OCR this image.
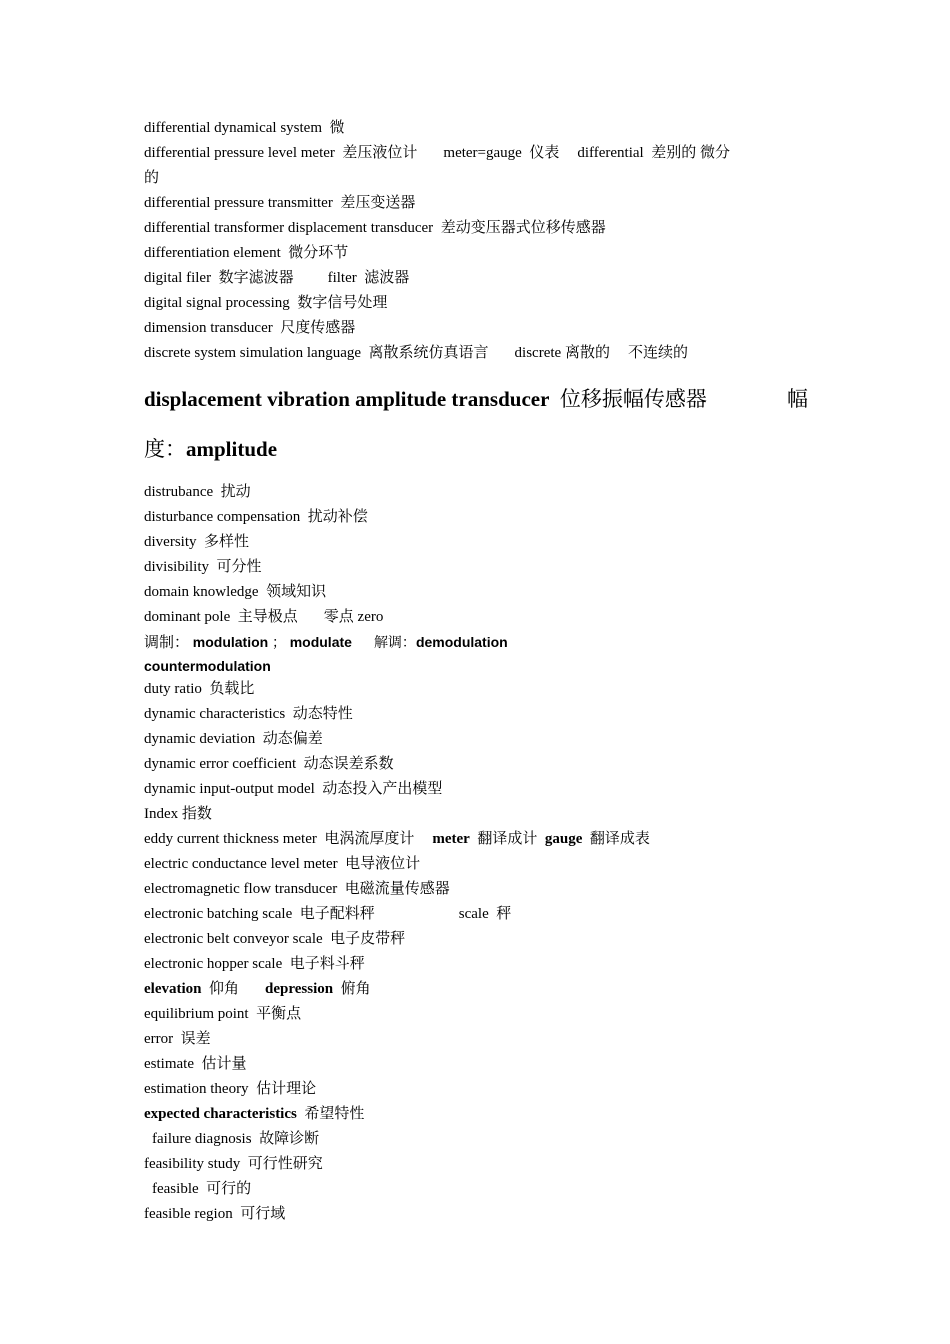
differential dynamical system 微
differential pressure level meter 差压液位计 meter=gauge 仪表 differential 差别的 微分
的
differential pressure transmitter 差压变送器
differential transformer displacement transducer 差动变压器式位移传感器
differentiation element 微分环节
digital filer 数字滤波器 filter 滤波器
digital signal processing 数字信号处理
dimension transducer 尺度传感器
discrete system simulation language 离散系统仿真语言 discrete 离散的 不连续的
displacement vibration amplitude transducer 位移振幅传感器	幅
度：amplitude
distrubance 扰动
disturbance compensation 扰动补偿
diversity 多样性
divisibility 可分性
domain knowledge 领域知识
dominant pole 主导极点 零点 zero
调制： modulation ； modulate 解调：demodulation
countermodulation
duty ratio 负载比
dynamic characteristics 动态特性
dynamic deviation 动态偏差
dynamic error coefficient 动态误差系数
dynamic input-output model 动态投入产出模型
Index 指数
eddy current thickness meter 电涡流厚度计 meter 翻译成计 gauge 翻译成表
electric conductance level meter 电导液位计
electromagnetic flow transducer 电磁流量传感器
electronic batching scale 电子配料秤	scale 秤
electronic belt conveyor scale 电子皮带秤
electronic hopper scale 电子料斗秤
elevation 仰角 depression 俯角
equilibrium point 平衡点
error 误差
estimate 估计量
estimation theory 估计理论
expected characteristics 希望特性
failure diagnosis 故障诊断
feasibility study 可行性研究
feasible 可行的
feasible region 可行域
